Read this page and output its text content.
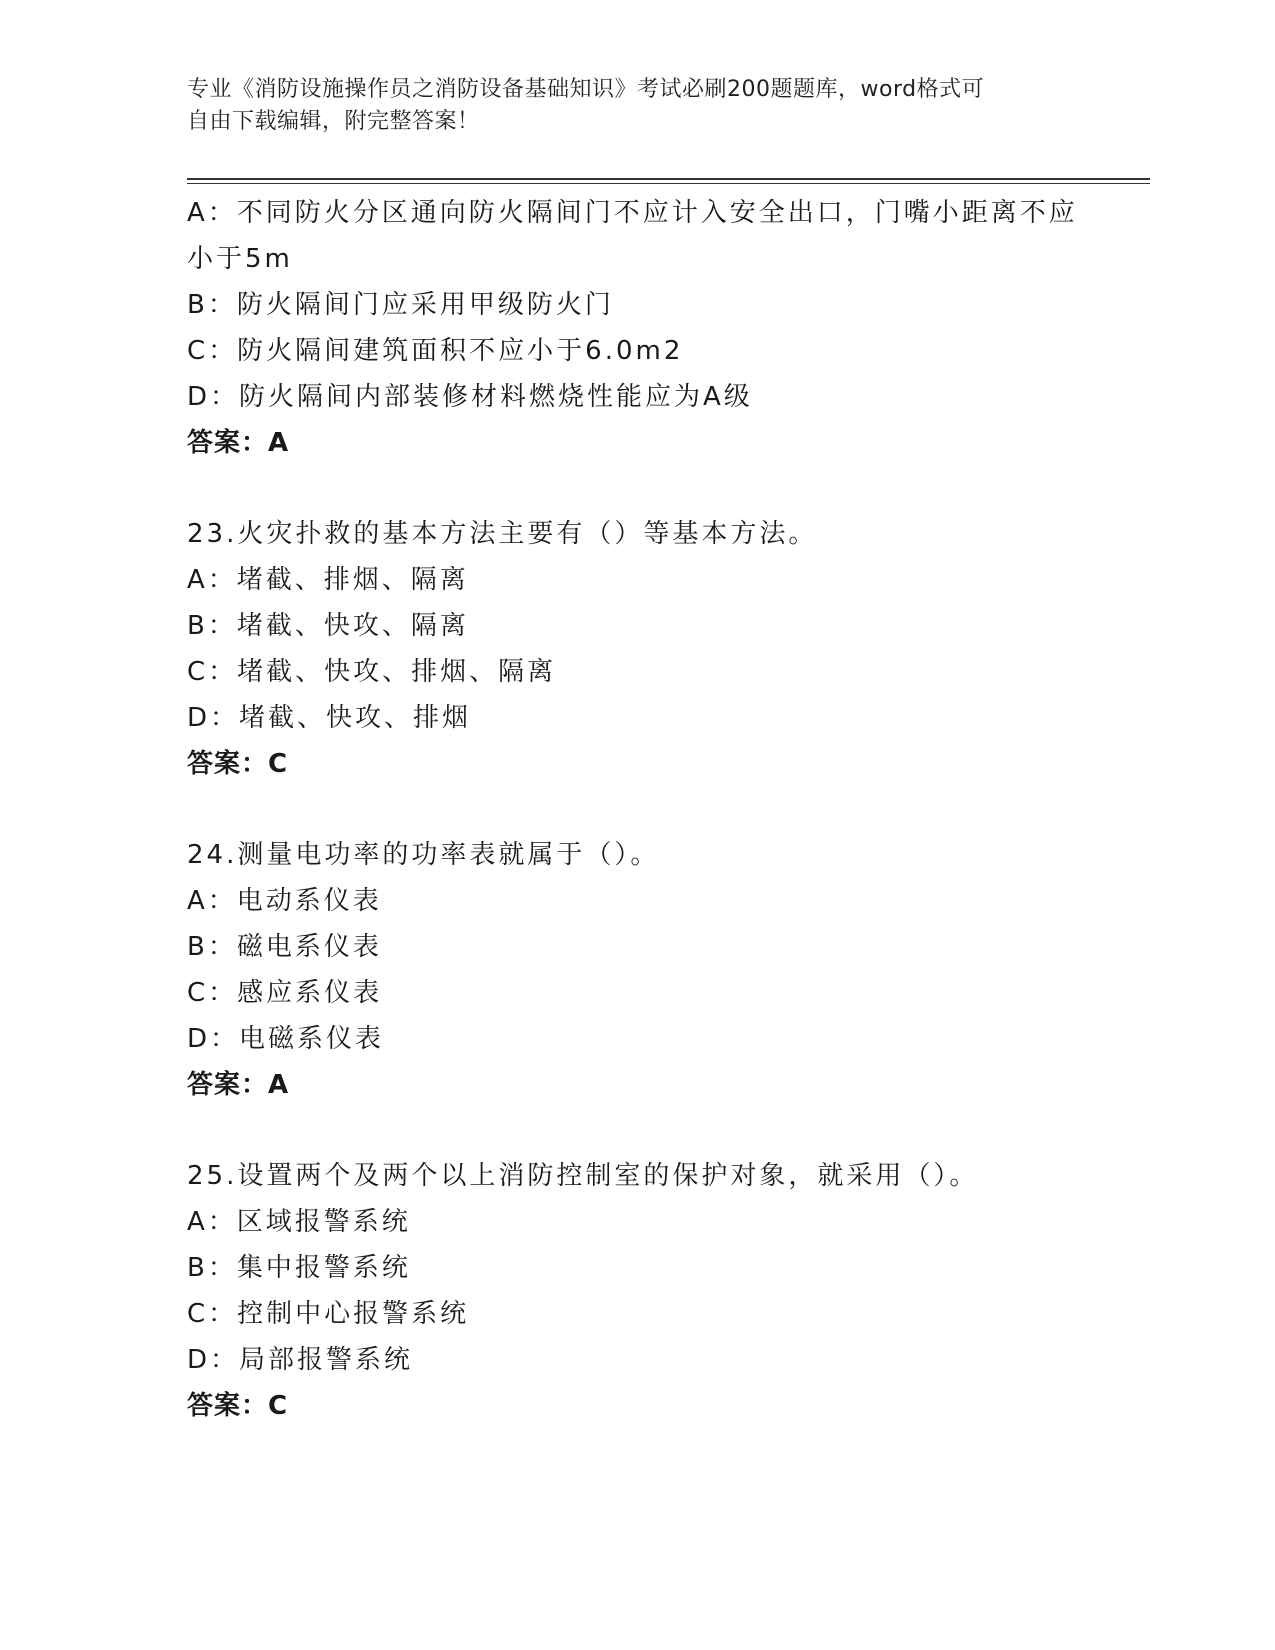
专业《消防设施操作员之消防设备基础知识》考试必刷200题题库，word格式可
自由下载编辑，附完整答案！
A：不同防火分区通向防火隔间门不应计入安全出口，门嘴小距离不应
小于5m
B：防火隔间门应采用甲级防火门
C：防火隔间建筑面积不应小于6.0m2
D：防火隔间内部装修材料燃烧性能应为A级
答案：A
23.火灾扑救的基本方法主要有（）等基本方法。
A：堵截、排烟、隔离
B：堵截、快攻、隔离
C：堵截、快攻、排烟、隔离
D：堵截、快攻、排烟
答案：C
24.测量电功率的功率表就属于（）。
A：电动系仪表
B：磁电系仪表
C：感应系仪表
D：电磁系仪表
答案：A
25.设置两个及两个以上消防控制室的保护对象，就采用（）。
A：区域报警系统
B：集中报警系统
C：控制中心报警系统
D：局部报警系统
答案：C
